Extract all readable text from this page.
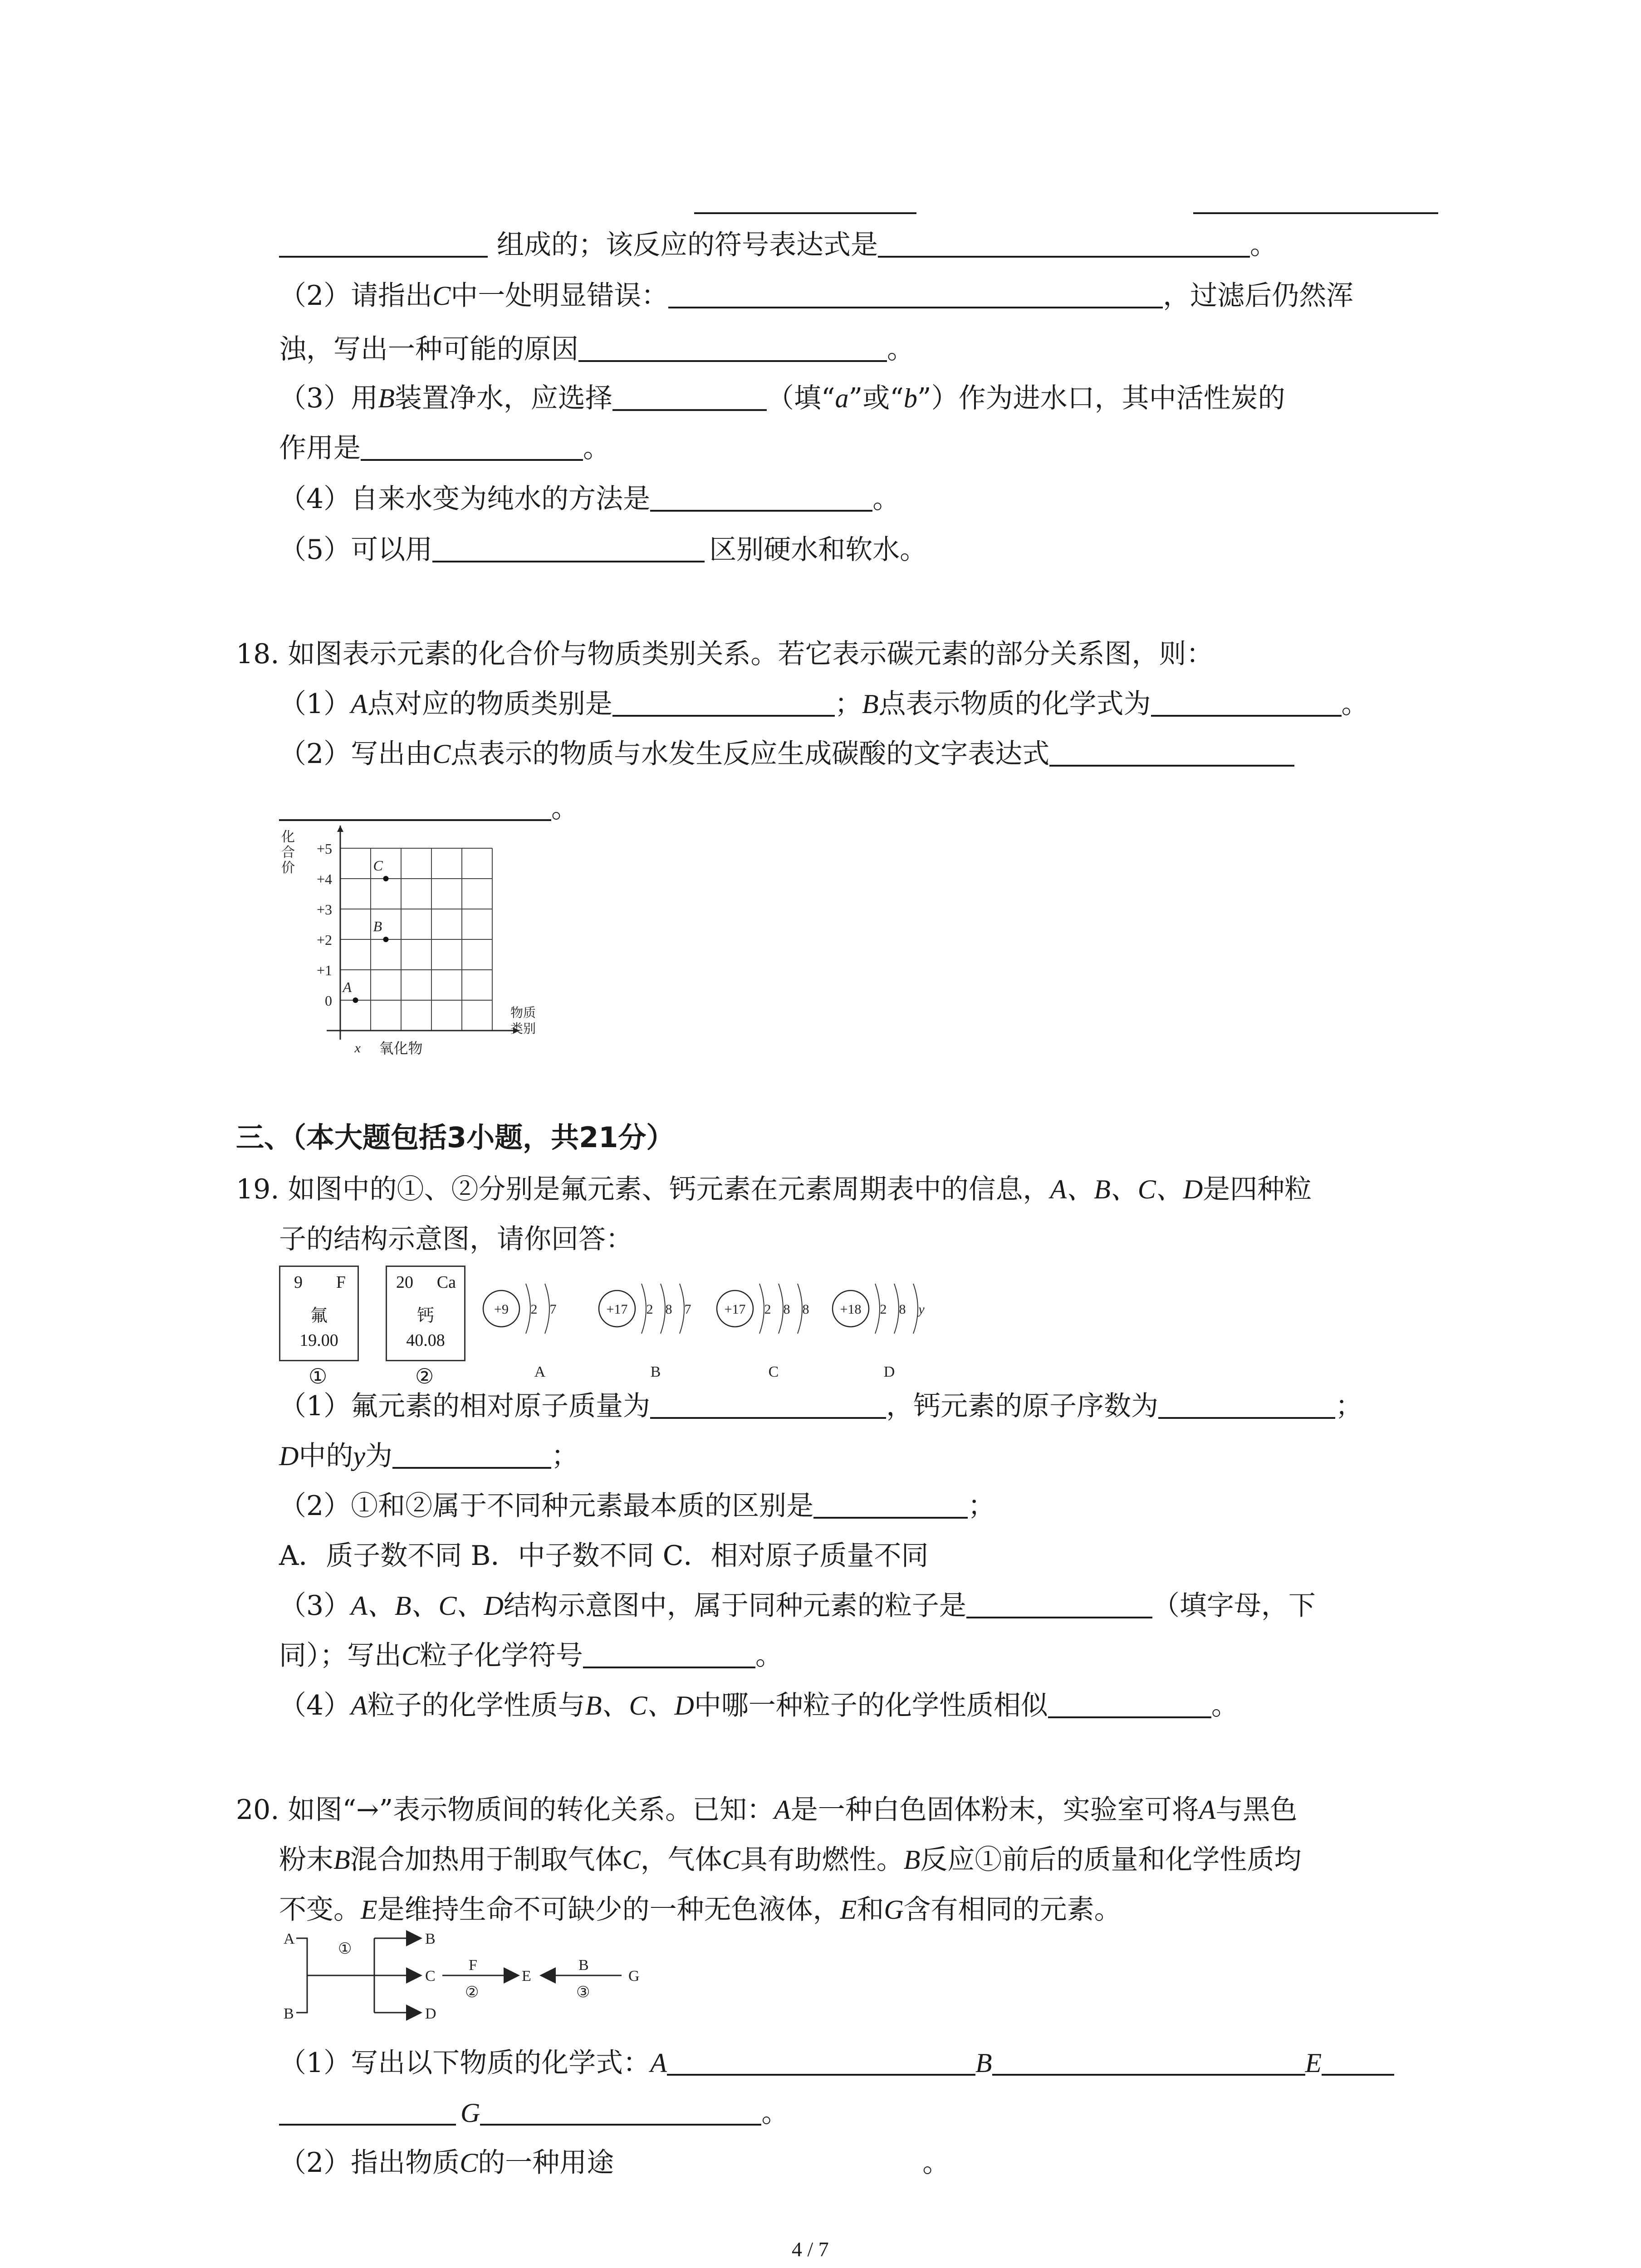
组成的；该反应的符号表达式是	。
（2）请指出C中一处明显错误：	，过滤后仍然浑
浊，写出一种可能的原因	。
（3）用B装置净水，应选择	（填“a”或“b”）作为进水口，其中活性炭的
作用是	。
（4）自来水变为纯水的方法是	。
（5）可以用	区别硬水和软水。
18. 如图表示元素的化合价与物质类别关系。若它表示碳元素的部分关系图，则：
（1）A点对应的物质类别是	；B点表示物质的化学式为	。
（2）写出由C点表示的物质与水发生反应生成碳酸的文字表达式
。
化
合
价
+5
+4
+3
+2
+1
0
物质
类别
x 氧化物
A
B
C
三、（本大题包括3小题，共21分）
19. 如图中的①、②分别是氟元素、钙元素在元素周期表中的信息，A、B、C、D是四种粒
子的结构示意图，请你回答：
9 F
氟
19.00
①
20 Ca
钙
40.08
②
+9 2 7
A
+17 2 8 7
B
+17 2 8 8
C
+18 2 8 y
D
（1）氟元素的相对原子质量为	，钙元素的原子序数为	；
D中的y为	；
（2）①和②属于不同种元素最本质的区别是	；
A．质子数不同 B．中子数不同 C．相对原子质量不同
（3）A、B、C、D结构示意图中，属于同种元素的粒子是	（填字母，下
同）；写出C粒子化学符号	。
（4）A粒子的化学性质与B、C、D中哪一种粒子的化学性质相似	。
20. 如图“→”表示物质间的转化关系。已知：A是一种白色固体粉末，实验室可将A与黑色
粉末B混合加热用于制取气体C，气体C具有助燃性。B反应①前后的质量和化学性质均
不变。E是维持生命不可缺少的一种无色液体，E和G含有相同的元素。
A
B
①
B
C
D
F
②
E
B
③
G
（1）写出以下物质的化学式：A	B	E
G	。
（2）指出物质C的一种用途	。
4 / 7
